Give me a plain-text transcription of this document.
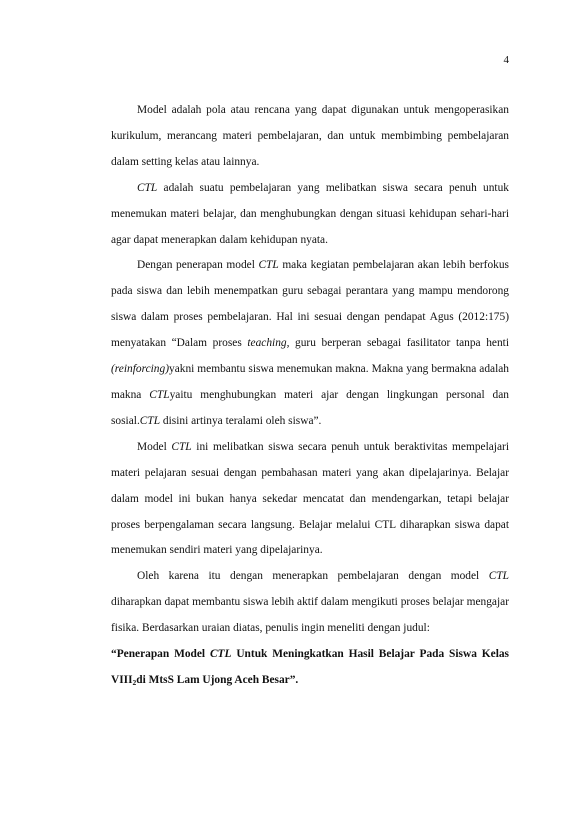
4

Model adalah pola atau rencana yang dapat digunakan untuk mengoperasikan kurikulum, merancang materi pembelajaran, dan untuk membimbing pembelajaran dalam setting kelas atau lainnya.

CTL adalah suatu pembelajaran yang melibatkan siswa secara penuh untuk menemukan materi belajar, dan menghubungkan dengan situasi kehidupan sehari-hari agar dapat menerapkan dalam kehidupan nyata.

Dengan penerapan model CTL maka kegiatan pembelajaran akan lebih berfokus pada siswa dan lebih menempatkan guru sebagai perantara yang mampu mendorong siswa dalam proses pembelajaran. Hal ini sesuai dengan pendapat Agus (2012:175) menyatakan “Dalam proses teaching, guru berperan sebagai fasilitator tanpa henti (reinforcing)yakni membantu siswa menemukan makna. Makna yang bermakna adalah makna CTLyaitu menghubungkan materi ajar dengan lingkungan personal dan sosial.CTL disini artinya teralami oleh siswa”.

Model CTL ini melibatkan siswa secara penuh untuk beraktivitas mempelajari materi pelajaran sesuai dengan pembahasan materi yang akan dipelajarinya. Belajar dalam model ini bukan hanya sekedar mencatat dan mendengarkan, tetapi belajar proses berpengalaman secara langsung. Belajar melalui CTL diharapkan siswa dapat menemukan sendiri materi yang dipelajarinya.

Oleh karena itu dengan menerapkan pembelajaran dengan model CTL diharapkan dapat membantu siswa lebih aktif dalam mengikuti proses belajar mengajar fisika. Berdasarkan uraian diatas, penulis ingin meneliti dengan judul:

“Penerapan Model CTL Untuk Meningkatkan Hasil Belajar Pada Siswa Kelas $VIII_2di$ MtsS Lam Ujong Aceh Besar”.
